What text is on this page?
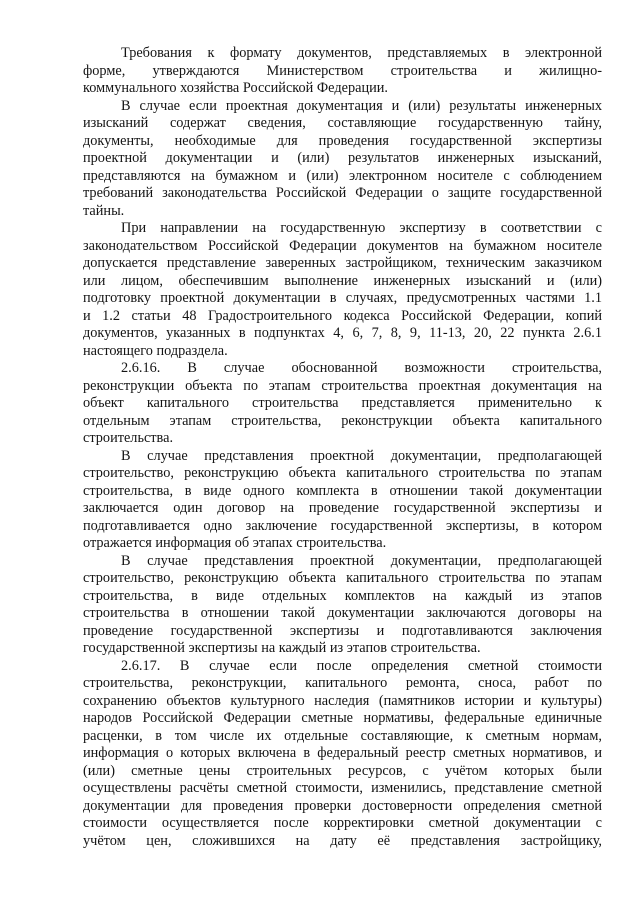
Требования к формату документов, представляемых в электронной
форме, утверждаются Министерством строительства и жилищно-
коммунального хозяйства Российской Федерации.
В случае если проектная документация и (или) результаты инженерных
изысканий содержат сведения, составляющие государственную тайну,
документы, необходимые для проведения государственной экспертизы
проектной документации и (или) результатов инженерных изысканий,
представляются на бумажном и (или) электронном носителе с соблюдением
требований законодательства Российской Федерации о защите государственной
тайны.
При направлении на государственную экспертизу в соответствии с
законодательством Российской Федерации документов на бумажном носителе
допускается представление заверенных застройщиком, техническим заказчиком
или лицом, обеспечившим выполнение инженерных изысканий и (или)
подготовку проектной документации в случаях, предусмотренных частями 1.1
и 1.2 статьи 48 Градостроительного кодекса Российской Федерации, копий
документов, указанных в подпунктах 4, 6, 7, 8, 9, 11-13, 20, 22 пункта 2.6.1
настоящего подраздела.
2.6.16. В случае обоснованной возможности строительства,
реконструкции объекта по этапам строительства проектная документация на
объект капитального строительства представляется применительно к
отдельным этапам строительства, реконструкции объекта капитального
строительства.
В случае представления проектной документации, предполагающей
строительство, реконструкцию объекта капитального строительства по этапам
строительства, в виде одного комплекта в отношении такой документации
заключается один договор на проведение государственной экспертизы и
подготавливается одно заключение государственной экспертизы, в котором
отражается информация об этапах строительства.
В случае представления проектной документации, предполагающей
строительство, реконструкцию объекта капитального строительства по этапам
строительства, в виде отдельных комплектов на каждый из этапов
строительства в отношении такой документации заключаются договоры на
проведение государственной экспертизы и подготавливаются заключения
государственной экспертизы на каждый из этапов строительства.
2.6.17. В случае если после определения сметной стоимости
строительства, реконструкции, капитального ремонта, сноса, работ по
сохранению объектов культурного наследия (памятников истории и культуры)
народов Российской Федерации сметные нормативы, федеральные единичные
расценки, в том числе их отдельные составляющие, к сметным нормам,
информация о которых включена в федеральный реестр сметных нормативов, и
(или) сметные цены строительных ресурсов, с учётом которых были
осуществлены расчёты сметной стоимости, изменились, представление сметной
документации для проведения проверки достоверности определения сметной
стоимости осуществляется после корректировки сметной документации с
учётом цен, сложившихся на дату её представления застройщику,
